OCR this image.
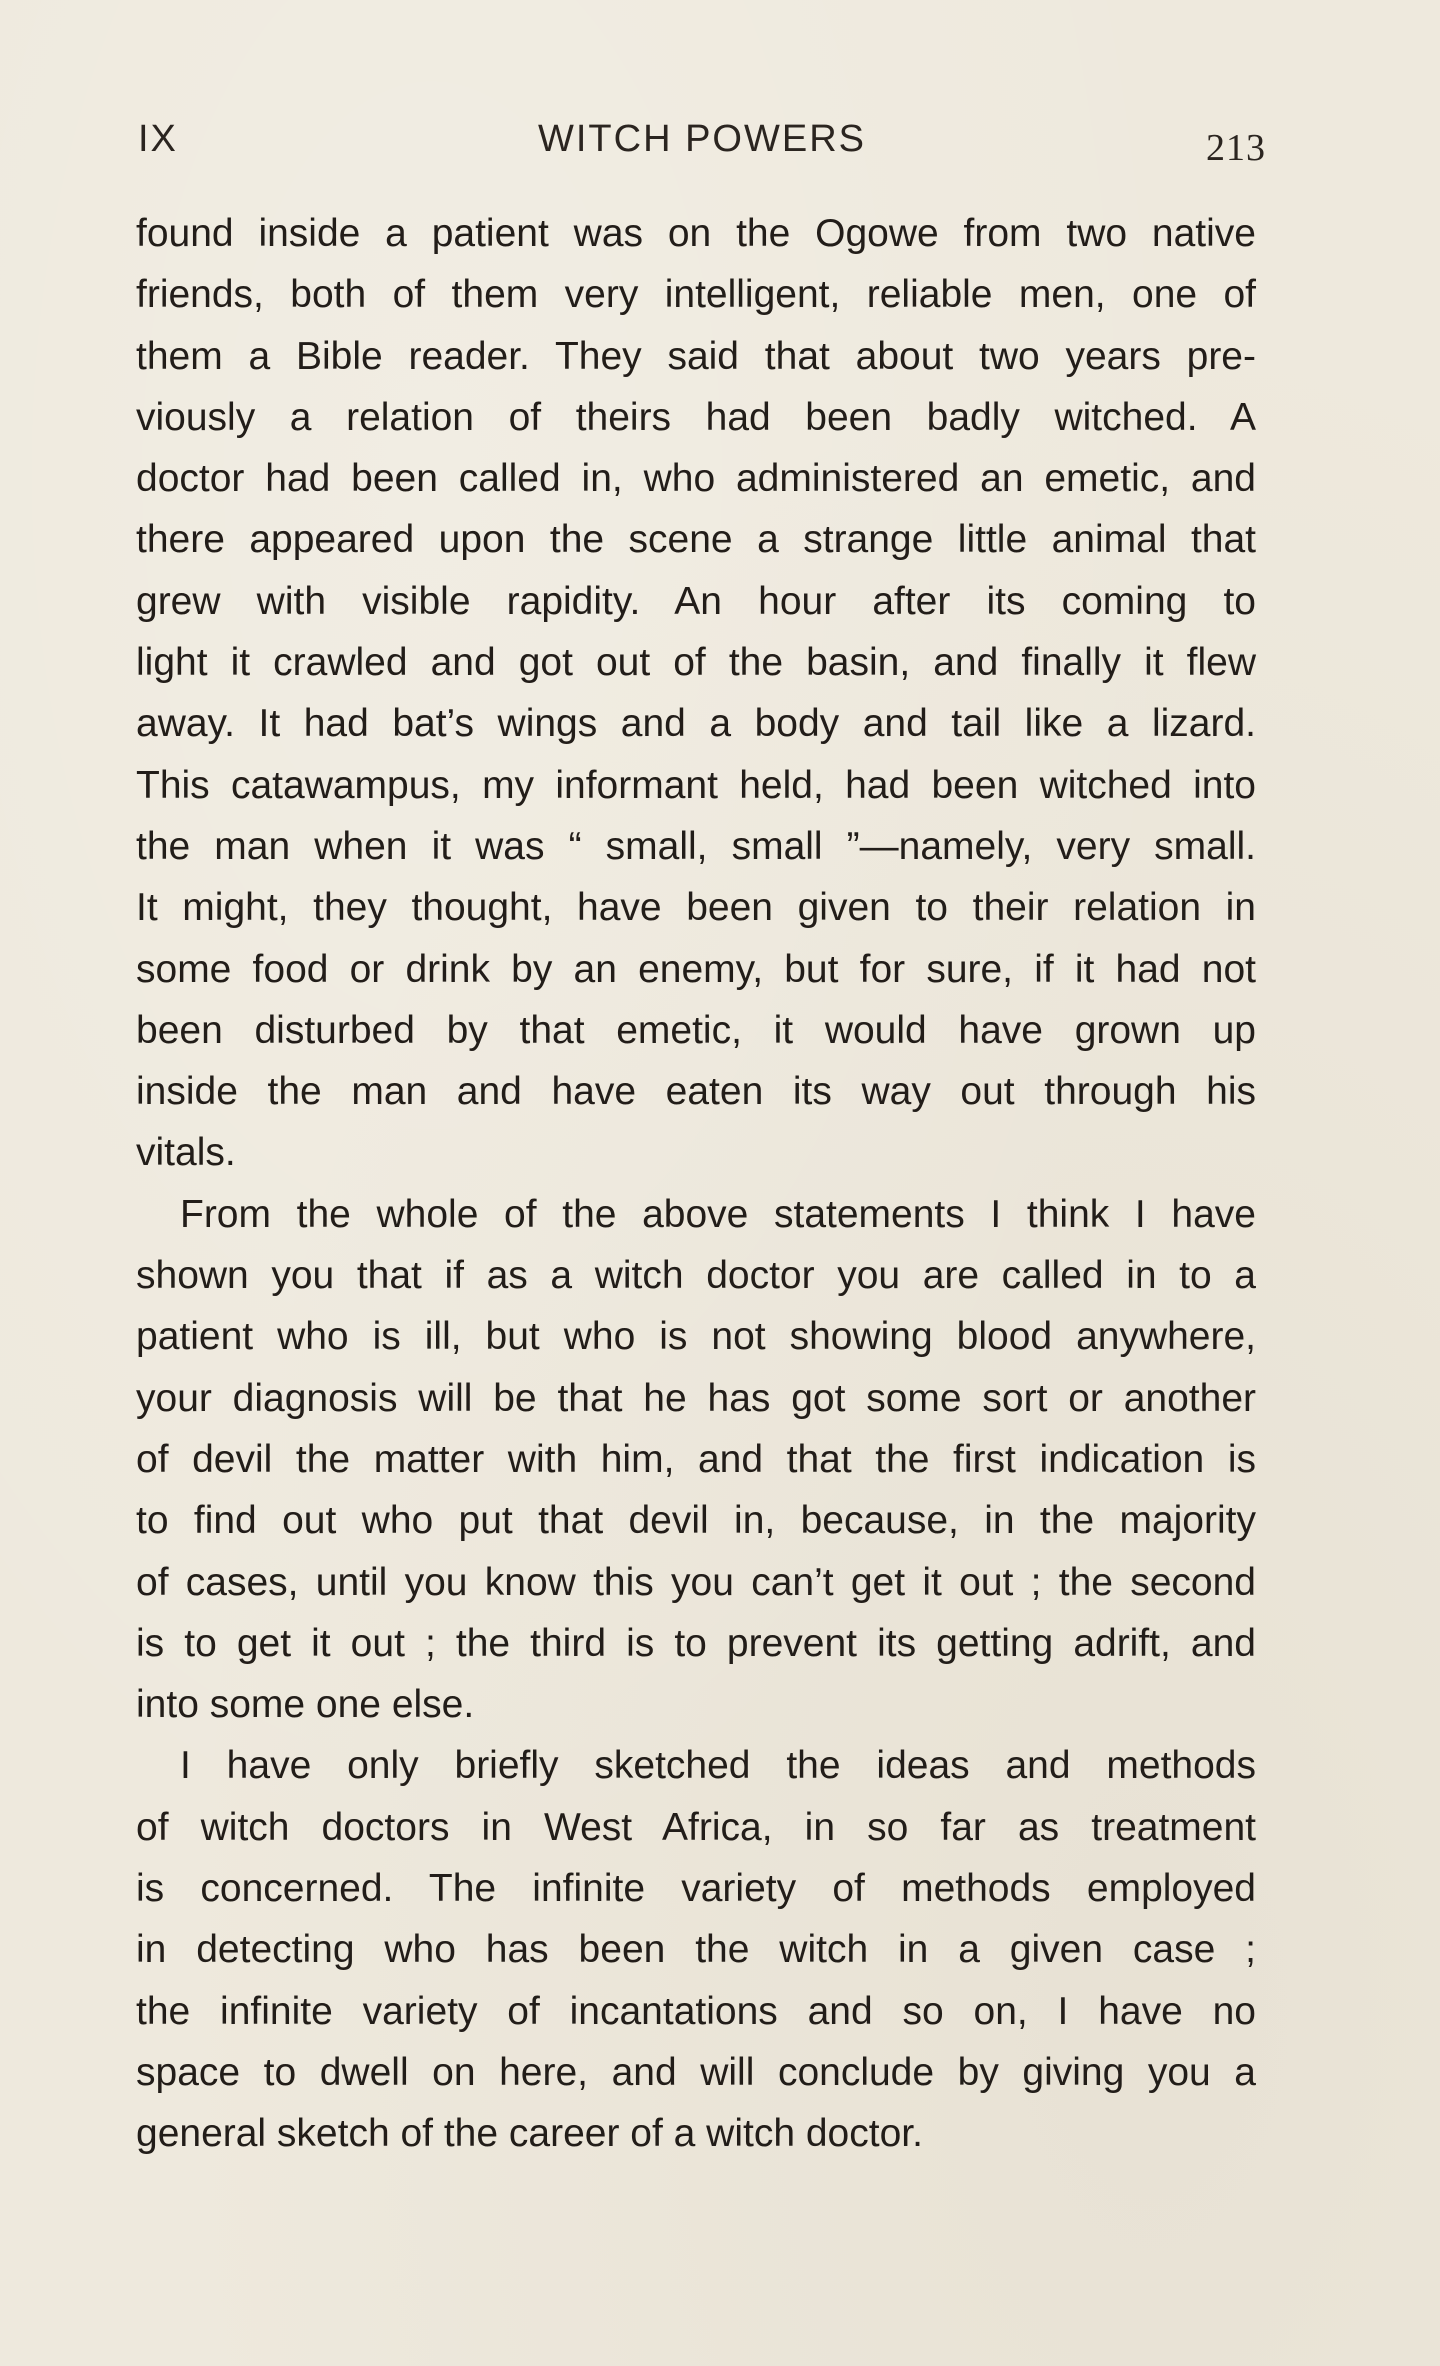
IX	WITCH POWERS	213
found inside a patient was on the Ogowe from two native
friends, both of them very intelligent, reliable men, one of
them a Bible reader. They said that about two years pre-
viously a relation of theirs had been badly witched. A
doctor had been called in, who administered an emetic, and
there appeared upon the scene a strange little animal that
grew with visible rapidity. An hour after its coming to
light it crawled and got out of the basin, and finally it flew
away. It had bat’s wings and a body and tail like a lizard.
This catawampus, my informant held, had been witched into
the man when it was “ small, small ”—namely, very small.
It might, they thought, have been given to their relation in
some food or drink by an enemy, but for sure, if it had not
been disturbed by that emetic, it would have grown up
inside the man and have eaten its way out through his
vitals.
From the whole of the above statements I think I have
shown you that if as a witch doctor you are called in to a
patient who is ill, but who is not showing blood anywhere,
your diagnosis will be that he has got some sort or another
of devil the matter with him, and that the first indication is
to find out who put that devil in, because, in the majority
of cases, until you know this you can’t get it out ; the second
is to get it out ; the third is to prevent its getting adrift, and
into some one else.
I have only briefly sketched the ideas and methods
of witch doctors in West Africa, in so far as treatment
is concerned. The infinite variety of methods employed
in detecting who has been the witch in a given case ;
the infinite variety of incantations and so on, I have no
space to dwell on here, and will conclude by giving you a
general sketch of the career of a witch doctor.
